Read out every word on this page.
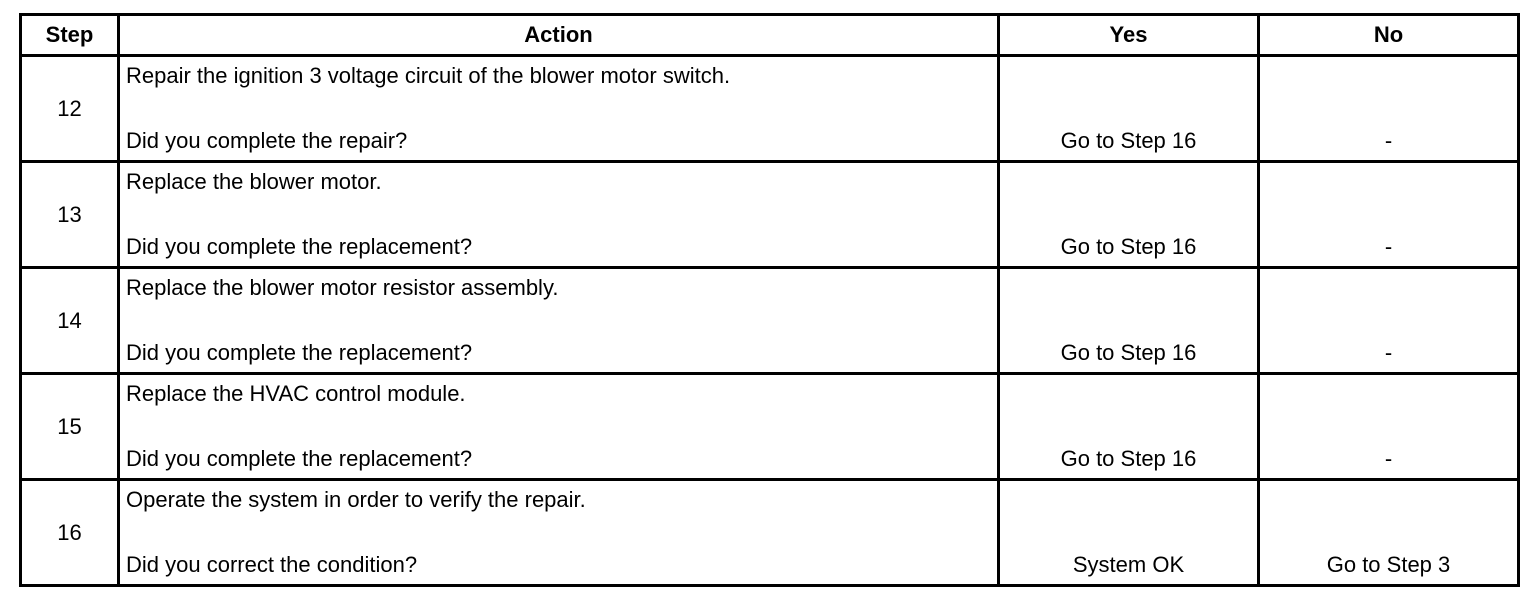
Step	Action	Yes	No
12	Repair the ignition 3 voltage circuit of the blower motor switch.
Did you complete the repair?	Go to Step 16	-

13	Replace the blower motor.
Did you complete the replacement?	Go to Step 16	-

14	Replace the blower motor resistor assembly.
Did you complete the replacement?	Go to Step 16	-

15	Replace the HVAC control module.
Did you complete the replacement?	Go to Step 16	-

16	Operate the system in order to verify the repair.
Did you correct the condition?	System OK	Go to Step 3
